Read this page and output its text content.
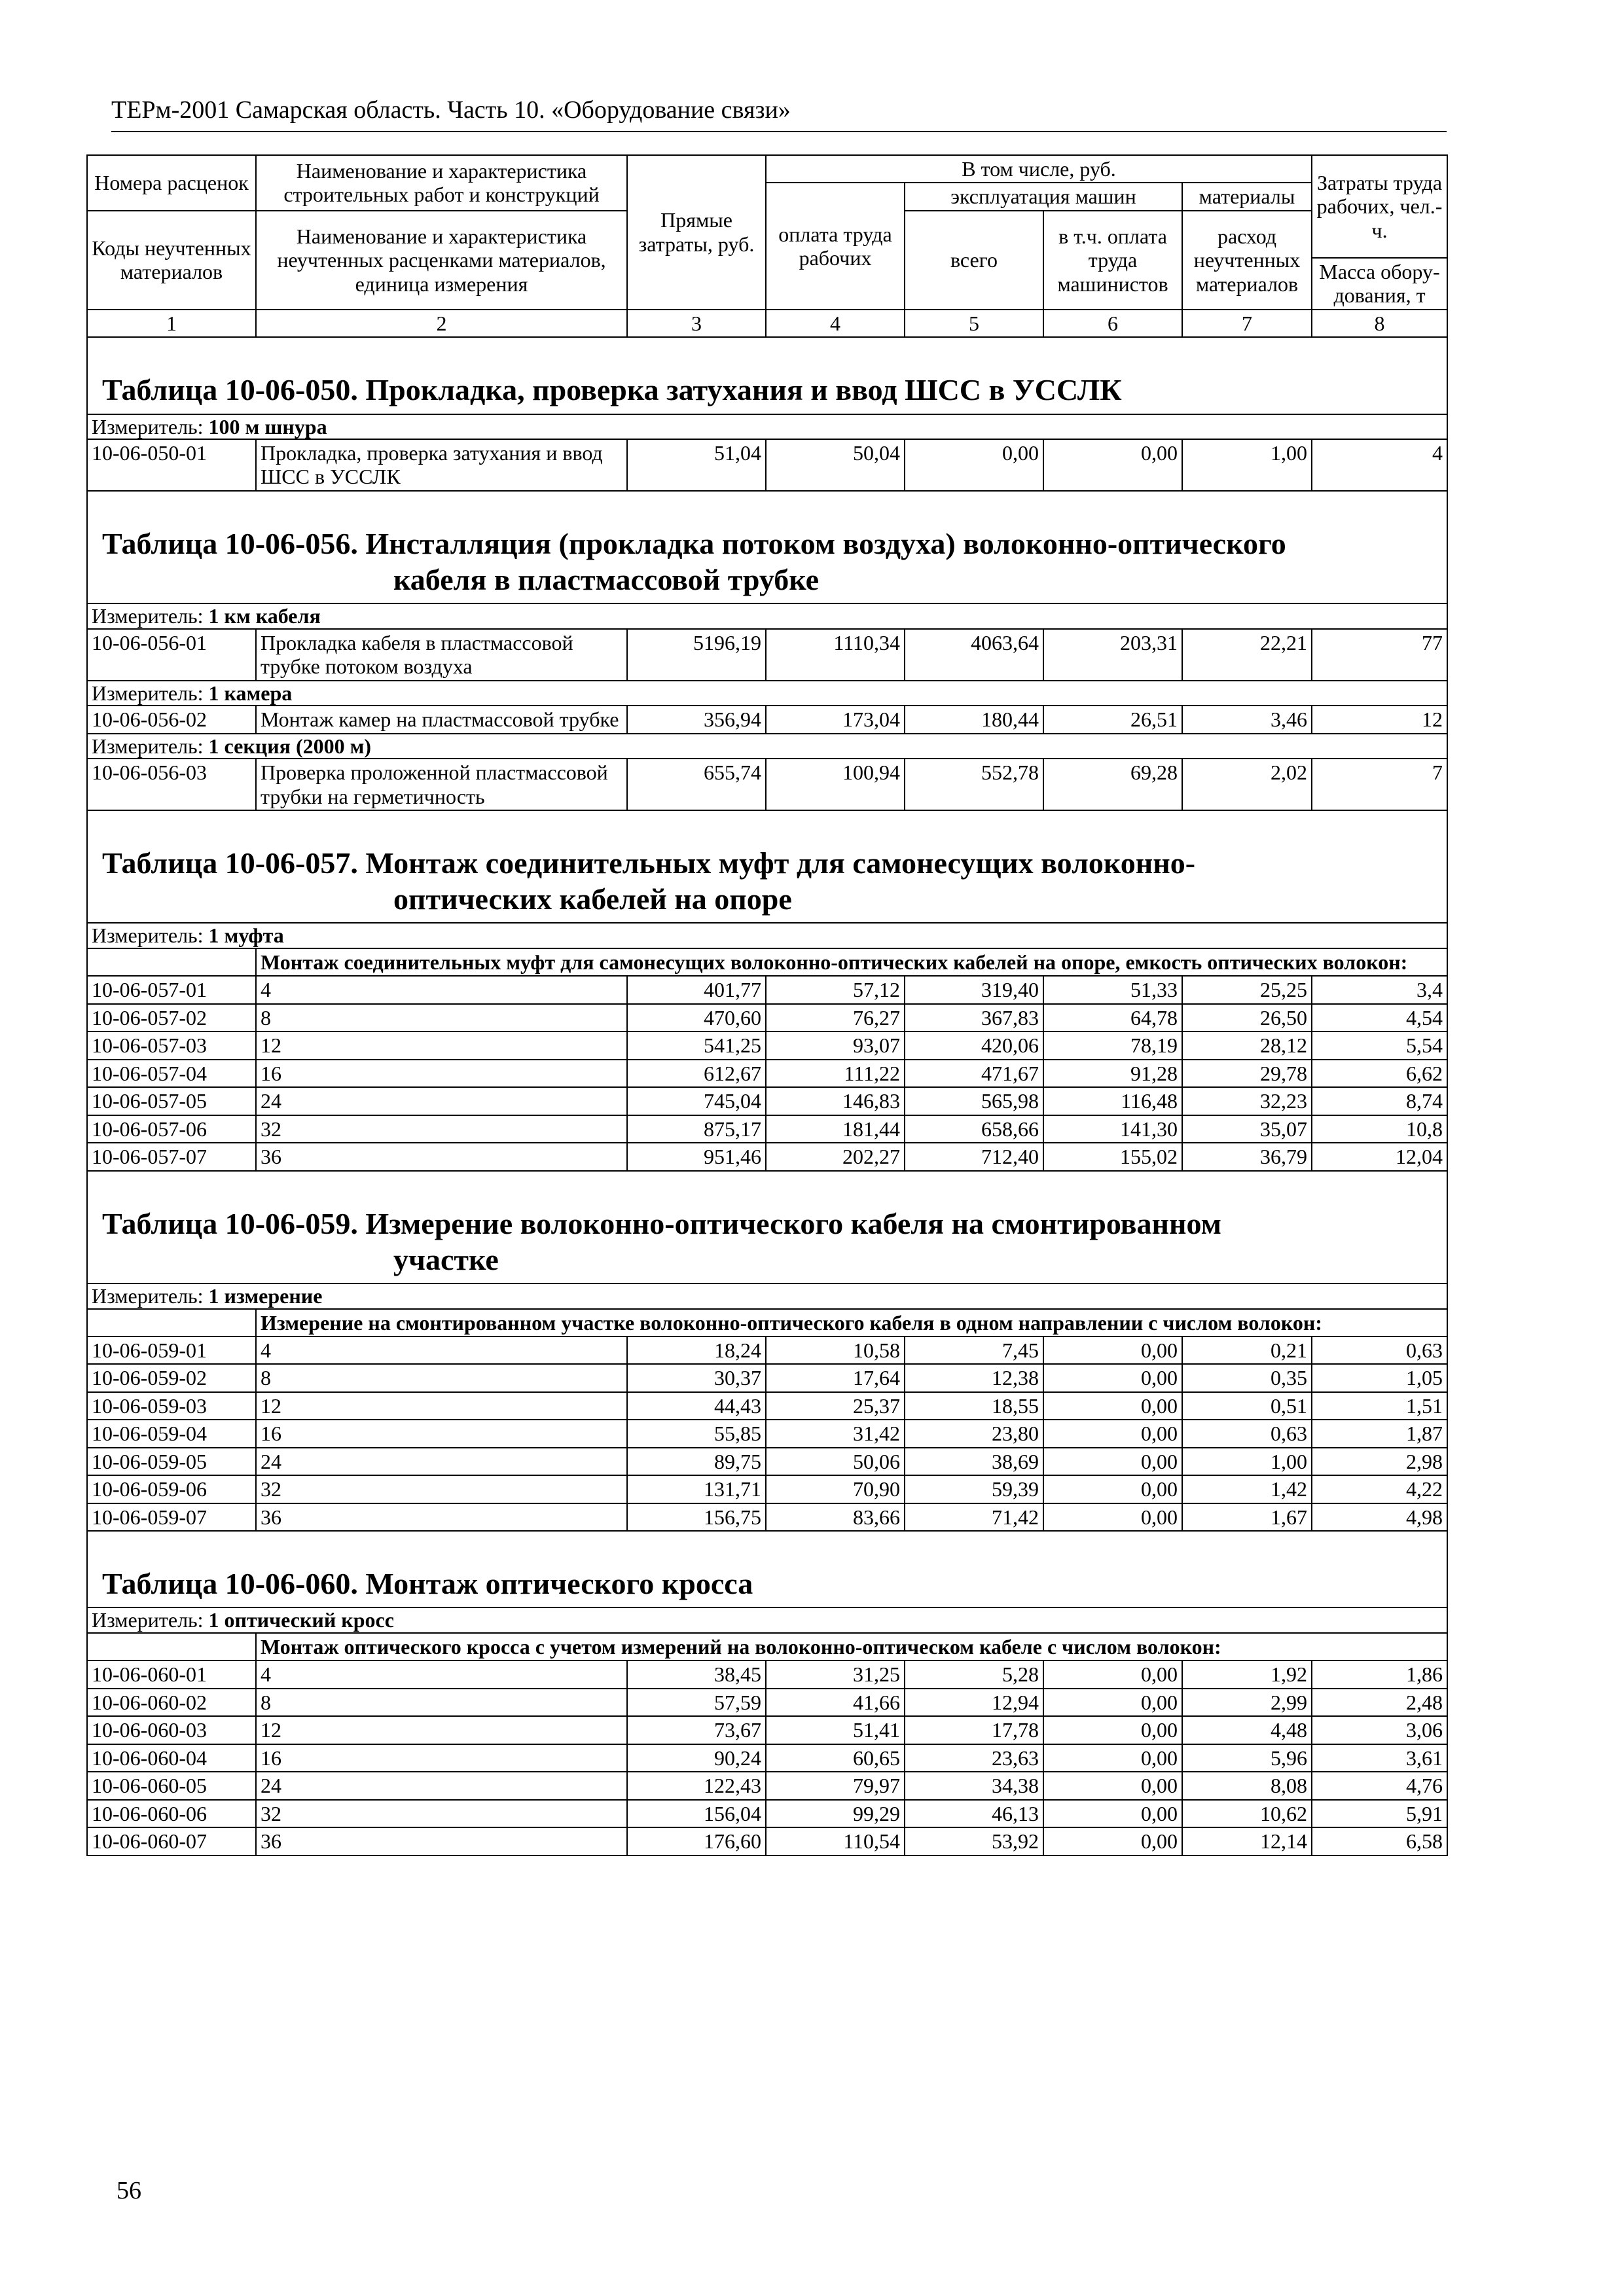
ТЕРм-2001 Самарская область. Часть 10. «Оборудование связи»
Номера расценок	Наименование и характеристика строительных работ и конструкций	Прямые затраты, руб.	В том числе, руб.				Затраты труда рабочих, чел.-ч.
			оплата труда рабочих	эксплуатация машин		материалы	
Коды неучтенных материалов	Наименование и характеристика неучтенных расценками материалов, единица измерения			всего	в т.ч. оплата труда машинистов	расход неучтенных материалов	
							Масса обору-дования, т
1	2	3	4	5	6	7	8
Таблица 10-06-050. Прокладка, проверка затухания и ввод ШСС в УССЛК							
Измеритель: 100 м шнура							
10-06-050-01	Прокладка, проверка затухания и ввод ШСС в УССЛК	51,04	50,04	0,00	0,00	1,00	4
Таблица 10-06-056. Инсталляция (прокладка потоком воздуха) волоконно-оптического
кабеля в пластмассовой трубке							

Измеритель: 1 км кабеля							
10-06-056-01	Прокладка кабеля в пластмассовой трубке потоком воздуха	5196,19	1110,34	4063,64	203,31	22,21	77
Измеритель: 1 камера							
10-06-056-02	Монтаж камер на пластмассовой трубке	356,94	173,04	180,44	26,51	3,46	12
Измеритель: 1 секция (2000 м)							
10-06-056-03	Проверка проложенной пластмассовой трубки на герметичность	655,74	100,94	552,78	69,28	2,02	7
Таблица 10-06-057. Монтаж соединительных муфт для самонесущих волоконно-
оптических кабелей на опоре							

Измеритель: 1 муфта							
	Монтаж соединительных муфт для самонесущих волоконно-оптических кабелей на опоре, емкость оптических волокон:						
10-06-057-01	4	401,77	57,12	319,40	51,33	25,25	3,4
10-06-057-02	8	470,60	76,27	367,83	64,78	26,50	4,54
10-06-057-03	12	541,25	93,07	420,06	78,19	28,12	5,54
10-06-057-04	16	612,67	111,22	471,67	91,28	29,78	6,62
10-06-057-05	24	745,04	146,83	565,98	116,48	32,23	8,74
10-06-057-06	32	875,17	181,44	658,66	141,30	35,07	10,8
10-06-057-07	36	951,46	202,27	712,40	155,02	36,79	12,04
Таблица 10-06-059. Измерение волоконно-оптического кабеля на смонтированном
участке							

Измеритель: 1 измерение							
	Измерение на смонтированном участке волоконно-оптического кабеля в одном направлении с числом волокон:						
10-06-059-01	4	18,24	10,58	7,45	0,00	0,21	0,63
10-06-059-02	8	30,37	17,64	12,38	0,00	0,35	1,05
10-06-059-03	12	44,43	25,37	18,55	0,00	0,51	1,51
10-06-059-04	16	55,85	31,42	23,80	0,00	0,63	1,87
10-06-059-05	24	89,75	50,06	38,69	0,00	1,00	2,98
10-06-059-06	32	131,71	70,90	59,39	0,00	1,42	4,22
10-06-059-07	36	156,75	83,66	71,42	0,00	1,67	4,98
Таблица 10-06-060. Монтаж оптического кросса							
Измеритель: 1 оптический кросс							
	Монтаж оптического кросса с учетом измерений на волоконно-оптическом кабеле с числом волокон:						
10-06-060-01	4	38,45	31,25	5,28	0,00	1,92	1,86
10-06-060-02	8	57,59	41,66	12,94	0,00	2,99	2,48
10-06-060-03	12	73,67	51,41	17,78	0,00	4,48	3,06
10-06-060-04	16	90,24	60,65	23,63	0,00	5,96	3,61
10-06-060-05	24	122,43	79,97	34,38	0,00	8,08	4,76
10-06-060-06	32	156,04	99,29	46,13	0,00	10,62	5,91
10-06-060-07	36	176,60	110,54	53,92	0,00	12,14	6,58
56
